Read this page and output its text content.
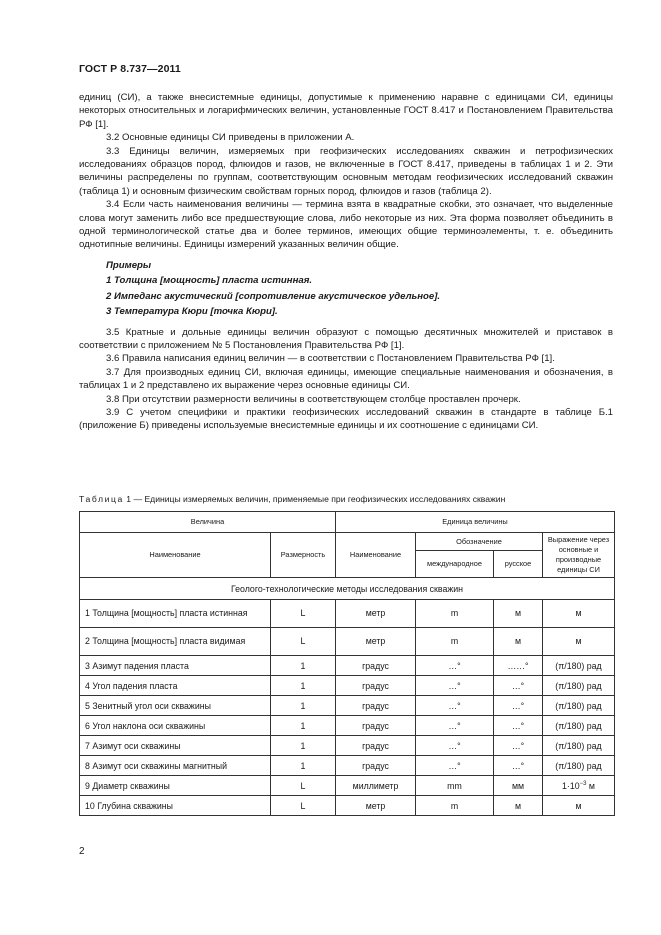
ГОСТ Р 8.737—2011

единиц (СИ), а также внесистемные единицы, допустимые к применению наравне с единицами СИ, единицы некоторых относительных и логарифмических величин, установленные ГОСТ 8.417 и Постановлением Правительства РФ [1].

3.2 Основные единицы СИ приведены в приложении А.

3.3 Единицы величин, измеряемых при геофизических исследованиях скважин и петрофизических исследованиях образцов пород, флюидов и газов, не включенные в ГОСТ 8.417, приведены в таблицах 1 и 2. Эти величины распределены по группам, соответствующим основным методам геофизических исследований скважин (таблица 1) и основным физическим свойствам горных пород, флюидов и газов (таблица 2).

3.4 Если часть наименования величины — термина взята в квадратные скобки, это означает, что выделенные слова могут заменить либо все предшествующие слова, либо некоторые из них. Эта форма позволяет объединить в одной терминологической статье два и более терминов, имеющих общие терминоэлементы, т. е. объединить однотипные величины. Единицы измерений указанных величин общие.

Примеры

1 Толщина [мощность] пласта истинная.

2 Импеданс акустический [сопротивление акустическое удельное].

3 Температура Кюри [точка Кюри].

3.5 Кратные и дольные единицы величин образуют с помощью десятичных множителей и приставок в соответствии с приложением № 5 Постановления Правительства РФ [1].

3.6 Правила написания единиц величин — в соответствии с Постановлением Правительства РФ [1].

3.7 Для производных единиц СИ, включая единицы, имеющие специальные наименования и обозначения, в таблицах 1 и 2 представлено их выражение через основные единицы СИ.

3.8 При отсутствии размерности величины в соответствующем столбце проставлен прочерк.

3.9 С учетом специфики и практики геофизических исследований скважин в стандарте в таблице Б.1 (приложение Б) приведены используемые внесистемные единицы и их соотношение с единицами СИ.

Таблица 1 — Единицы измеряемых величин, применяемые при геофизических исследованиях скважин
Величина		Единица величины			
Наименование	Размерность	Наименование	Обозначение		Выражение через основные и производные единицы СИ
			международное	русское	
Геолого-технологические методы исследования скважин					
1 Толщина [мощность] пласта истинная	L	метр	m	м	м
2 Толщина [мощность] пласта видимая	L	метр	m	м	м
3 Азимут падения пласта	1	градус	…°	……°	(π/180) рад
4 Угол падения пласта	1	градус	…°	…°	(π/180) рад
5 Зенитный угол оси скважины	1	градус	…°	…°	(π/180) рад
6 Угол наклона оси скважины	1	градус	…°	…°	(π/180) рад
7 Азимут оси скважины	1	градус	…°	…°	(π/180) рад
8 Азимут оси скважины магнитный	1	градус	…°	…°	(π/180) рад
9 Диаметр скважины	L	миллиметр	mm	мм	$1\cdot 10^{-3}$ м
10 Глубина скважины	L	метр	m	м	м
2
